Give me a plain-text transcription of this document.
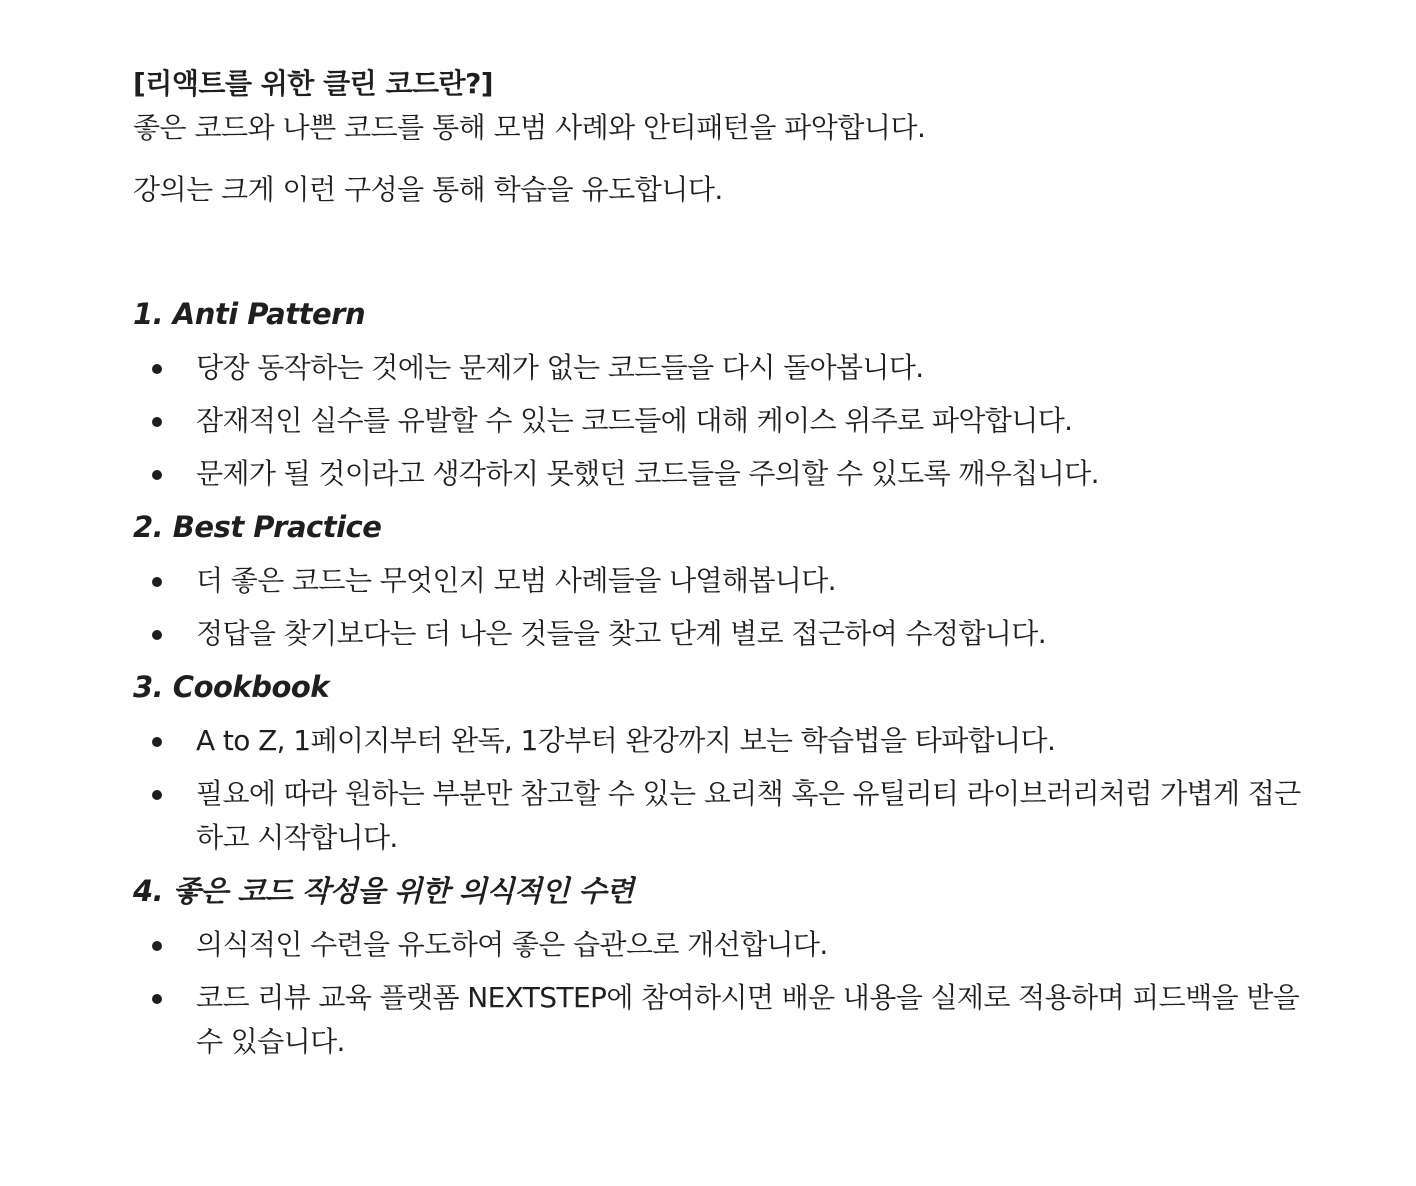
[리액트를 위한 클린 코드란?]

좋은 코드와 나쁜 코드를 통해 모범 사례와 안티패턴을 파악합니다.

강의는 크게 이런 구성을 통해 학습을 유도합니다.

1. Anti Pattern
당장 동작하는 것에는 문제가 없는 코드들을 다시 돌아봅니다.
잠재적인 실수를 유발할 수 있는 코드들에 대해 케이스 위주로 파악합니다.
문제가 될 것이라고 생각하지 못했던 코드들을 주의할 수 있도록 깨우칩니다.
2. Best Practice
더 좋은 코드는 무엇인지 모범 사례들을 나열해봅니다.
정답을 찾기보다는 더 나은 것들을 찾고 단계 별로 접근하여 수정합니다.
3. Cookbook
A to Z, 1페이지부터 완독, 1강부터 완강까지 보는 학습법을 타파합니다.
필요에 따라 원하는 부분만 참고할 수 있는 요리책 혹은 유틸리티 라이브러리처럼 가볍게 접근하고 시작합니다.
4. 좋은 코드 작성을 위한 의식적인 수련
의식적인 수련을 유도하여 좋은 습관으로 개선합니다.
코드 리뷰 교육 플랫폼 NEXTSTEP에 참여하시면 배운 내용을 실제로 적용하며 피드백을 받을 수 있습니다.
